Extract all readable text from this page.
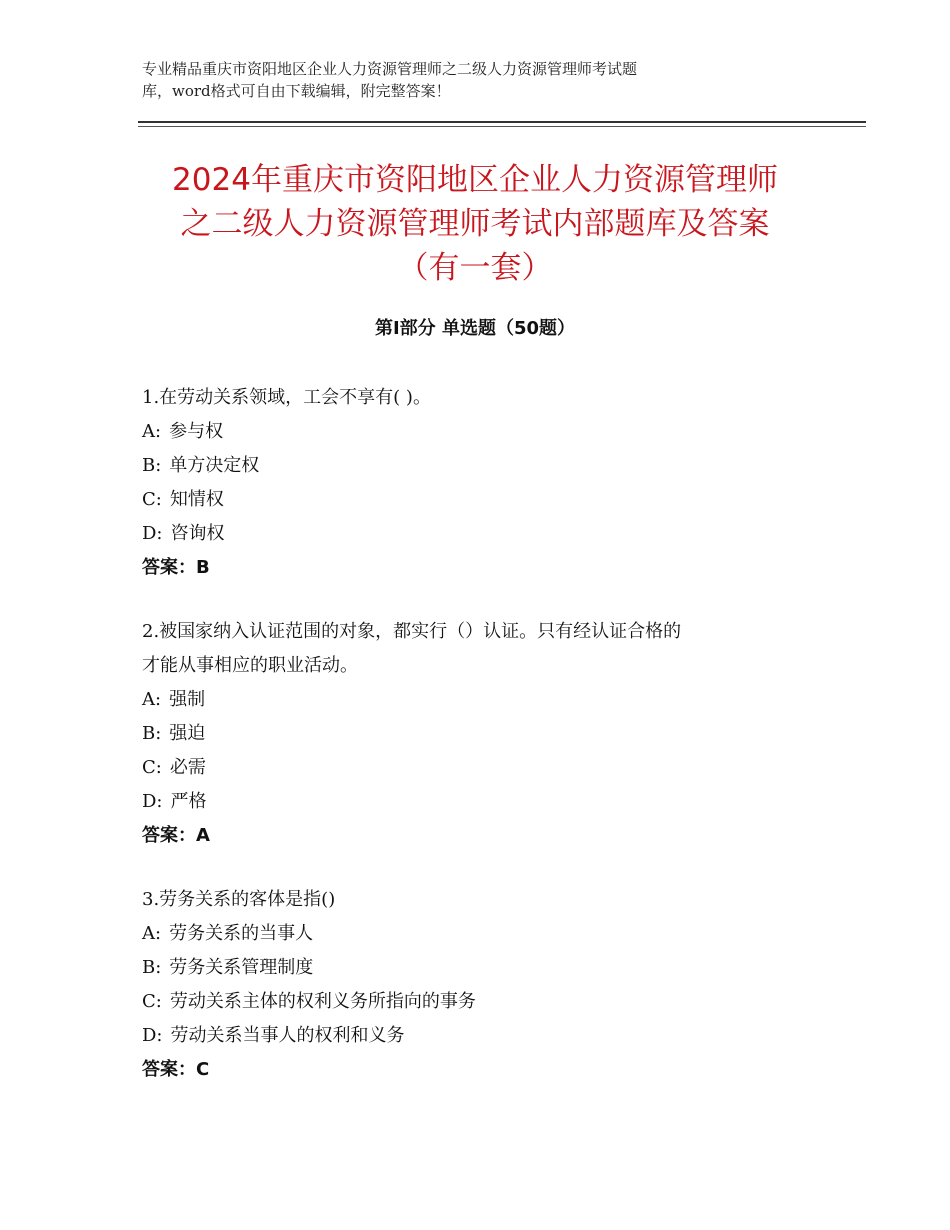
专业精品重庆市资阳地区企业人力资源管理师之二级人力资源管理师考试题
库，word格式可自由下载编辑，附完整答案！
2024年重庆市资阳地区企业人力资源管理师
之二级人力资源管理师考试内部题库及答案
（有一套）
第Ⅰ部分 单选题（50题）
1.在劳动关系领域，工会不享有( )。
A: 参与权
B: 单方决定权
C: 知情权
D: 咨询权
答案：B
2.被国家纳入认证范围的对象，都实行（）认证。只有经认证合格的
才能从事相应的职业活动。
A: 强制
B: 强迫
C: 必需
D: 严格
答案：A
3.劳务关系的客体是指()
A: 劳务关系的当事人
B: 劳务关系管理制度
C: 劳动关系主体的权利义务所指向的事务
D: 劳动关系当事人的权利和义务
答案：C
